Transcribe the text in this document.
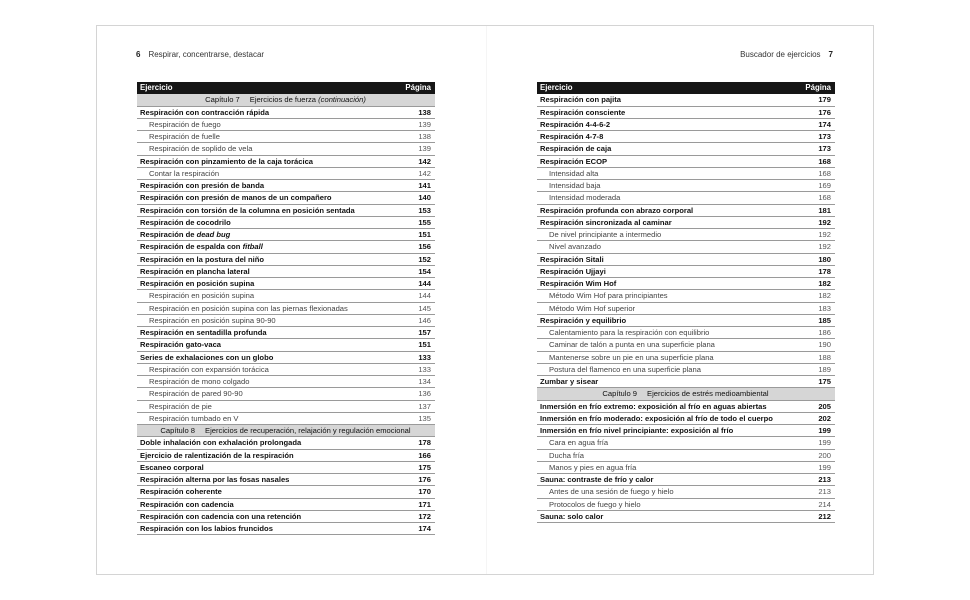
6 Respirar, concentrarse, destacar	Buscador de ejercicios 7
Ejercicio	Página
Capítulo 7 Ejercicios de fuerza
(continuación)
Respiración con contracción rápida	138
Respiración de fuego	139
Respiración de fuelle	138
Respiración de soplido de vela	139
Respiración con pinzamiento de la caja torácica	142
Contar la respiración	142
Respiración con presión de banda	141
Respiración con presión de manos de un compañero	140
Respiración con torsión de la columna en posición sentada	153
Respiración de cocodrilo	155
Respiración de dead bug	151
Respiración de espalda con fitball	156
Respiración en la postura del niño	152
Respiración en plancha lateral	154
Respiración en posición supina	144
Respiración en posición supina	144
Respiración en posición supina con las piernas flexionadas	145
Respiración en posición supina 90-90	146
Respiración en sentadilla profunda	157
Respiración gato-vaca	151
Series de exhalaciones con un globo	133
Respiración con expansión torácica	133
Respiración de mono colgado	134
Respiración de pared 90-90	136
Respiración de pie	137
Respiración tumbado en V	135
Capítulo 8 Ejercicios de recuperación, relajación y regulación emocional
Doble inhalación con exhalación prolongada	178
Ejercicio de ralentización de la respiración	166
Escaneo corporal	175
Respiración alterna por las fosas nasales	176
Respiración coherente	170
Respiración con cadencia	171
Respiración con cadencia con una retención	172
Respiración con los labios fruncidos	174
Ejercicio	Página
Respiración con pajita	179
Respiración consciente	176
Respiración 4-4-6-2	174
Respiración 4-7-8	173
Respiración de caja	173
Respiración ECOP	168
Intensidad alta	168
Intensidad baja	169
Intensidad moderada	168
Respiración profunda con abrazo corporal	181
Respiración sincronizada al caminar	192
De nivel principiante a intermedio	192
Nivel avanzado	192
Respiración Sitali	180
Respiración Ujjayi	178
Respiración Wim Hof	182
Método Wim Hof para principiantes	182
Método Wim Hof superior	183
Respiración y equilibrio	185
Calentamiento para la respiración con equilibrio	186
Caminar de talón a punta en una superficie plana	190
Mantenerse sobre un pie en una superficie plana	188
Postura del flamenco en una superficie plana	189
Zumbar y sisear	175
Capítulo 9 Ejercicios de estrés medioambiental
Inmersión en frío extremo: exposición al frío en aguas abiertas	205
Inmersión en frío moderado: exposición al frío de todo el cuerpo	202
Inmersión en frío nivel principiante: exposición al frío	199
Cara en agua fría	199
Ducha fría	200
Manos y pies en agua fría	199
Sauna: contraste de frío y calor	213
Antes de una sesión de fuego y hielo	213
Protocolos de fuego y hielo	214
Sauna: solo calor	212
